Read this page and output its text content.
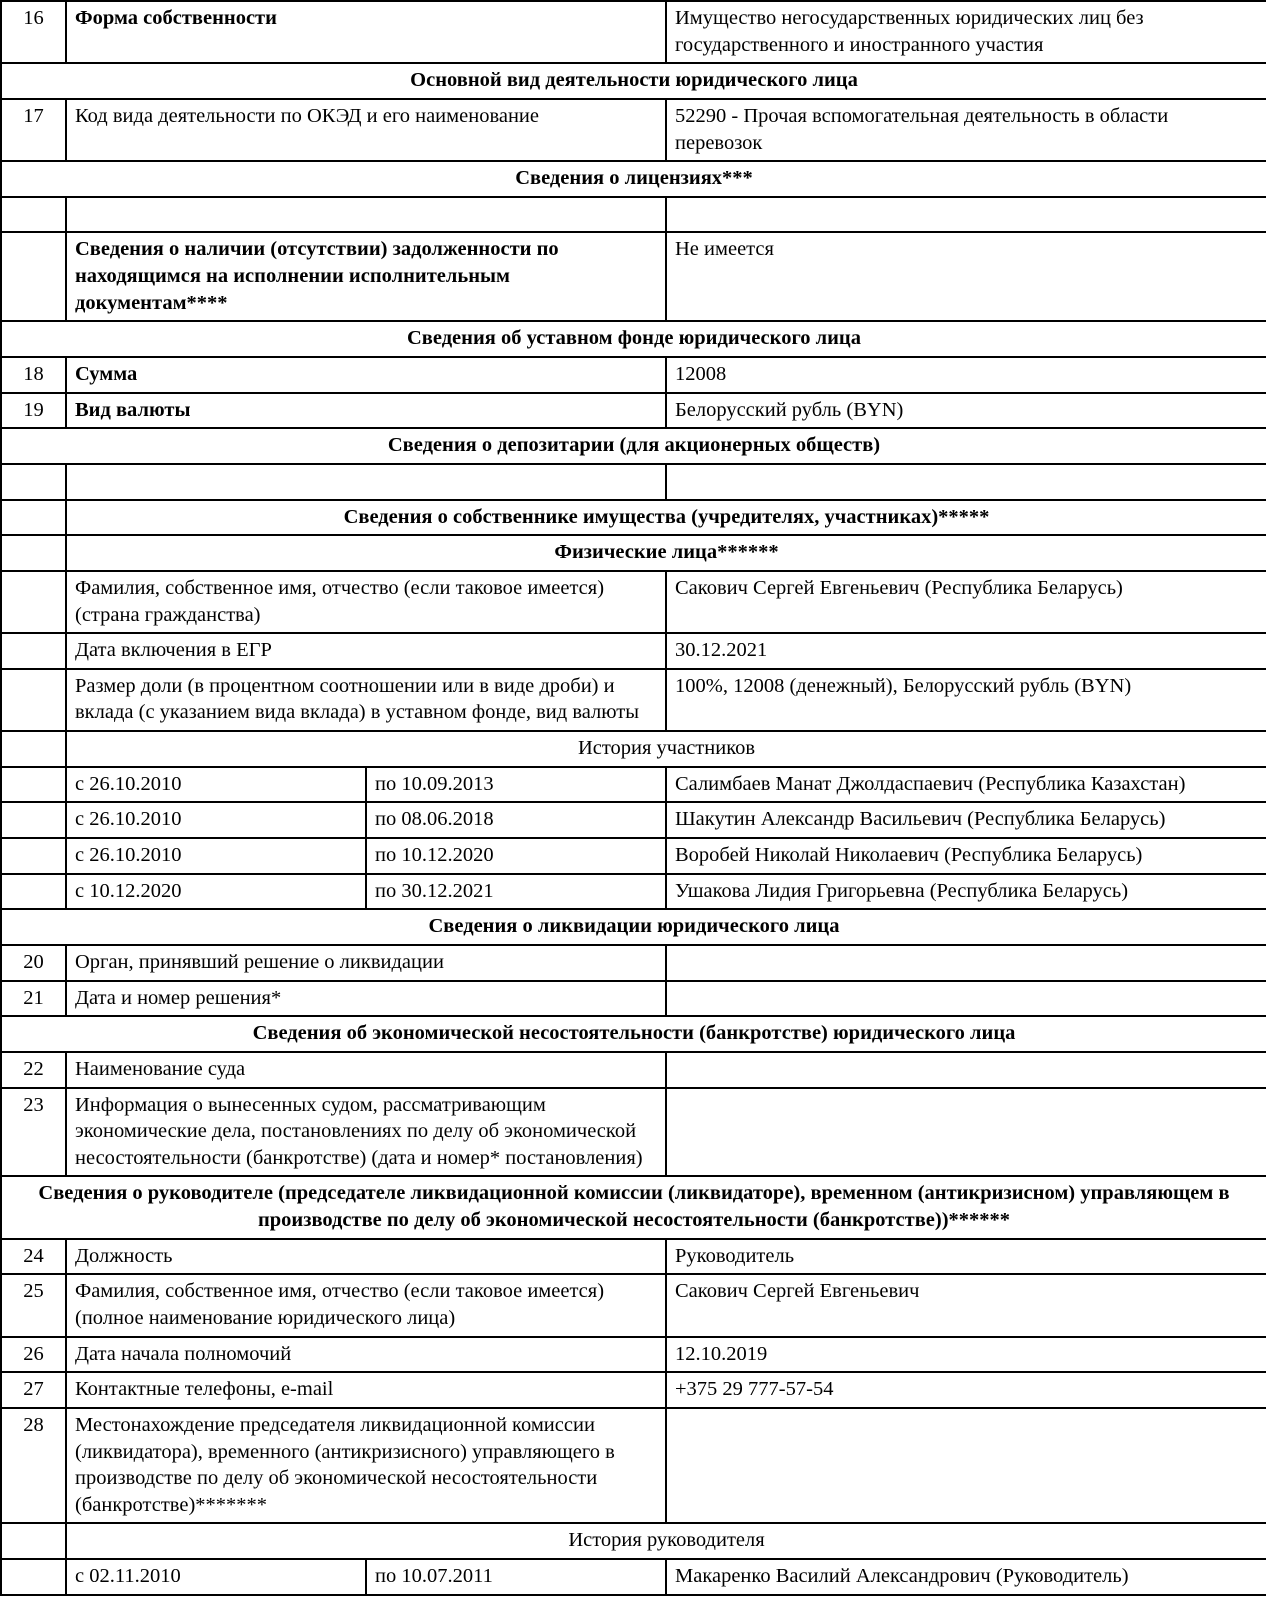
16	Форма собственности		Имущество негосударственных юридических лиц без государственного и иностранного участия
Основной вид деятельности юридического лица			
17	Код вида деятельности по ОКЭД и его наименование		52290 - Прочая вспомогательная деятельность в области перевозок
Сведения о лицензиях***			

	Сведения о наличии (отсутствии) задолженности по находящимся на исполнении исполнительным документам****		Не имеется
Сведения об уставном фонде юридического лица			
18	Сумма		12008
19	Вид валюты		Белорусский рубль (BYN)
Сведения о депозитарии (для акционерных обществ)			

	Сведения о собственнике имущества (учредителях, участниках)*****		
	Физические лица******		
	Фамилия, собственное имя, отчество (если таковое имеется) (страна гражданства)		Сакович Сергей Евгеньевич (Республика Беларусь)
	Дата включения в ЕГР		30.12.2021
	Размер доли (в процентном соотношении или в виде дроби) и вклада (с указанием вида вклада) в уставном фонде, вид валюты		100%, 12008 (денежный), Белорусский рубль (BYN)
	История участников		
	с 26.10.2010	по 10.09.2013	Салимбаев Манат Джолдаспаевич (Республика Казахстан)
	с 26.10.2010	по 08.06.2018	Шакутин Александр Васильевич (Республика Беларусь)
	с 26.10.2010	по 10.12.2020	Воробей Николай Николаевич (Республика Беларусь)
	с 10.12.2020	по 30.12.2021	Ушакова Лидия Григорьевна (Республика Беларусь)
Сведения о ликвидации юридического лица			
20	Орган, принявший решение о ликвидации		
21	Дата и номер решения*		
Сведения об экономической несостоятельности (банкротстве) юридического лица			
22	Наименование суда		
23	Информация о вынесенных судом, рассматривающим экономические дела, постановлениях по делу об экономической несостоятельности (банкротстве) (дата и номер* постановления)		
Сведения о руководителе (председателе ликвидационной комиссии (ликвидаторе), временном (антикризисном) управляющем в производстве по делу об экономической несостоятельности (банкротстве))******			
24	Должность		Руководитель
25	Фамилия, собственное имя, отчество (если таковое имеется) (полное наименование юридического лица)		Сакович Сергей Евгеньевич
26	Дата начала полномочий		12.10.2019
27	Контактные телефоны, e-mail		+375 29 777-57-54
28	Местонахождение председателя ликвидационной комиссии (ликвидатора), временного (антикризисного) управляющего в производстве по делу об экономической несостоятельности (банкротстве)*******		
	История руководителя		
	с 02.11.2010	по 10.07.2011	Макаренко Василий Александрович (Руководитель)
